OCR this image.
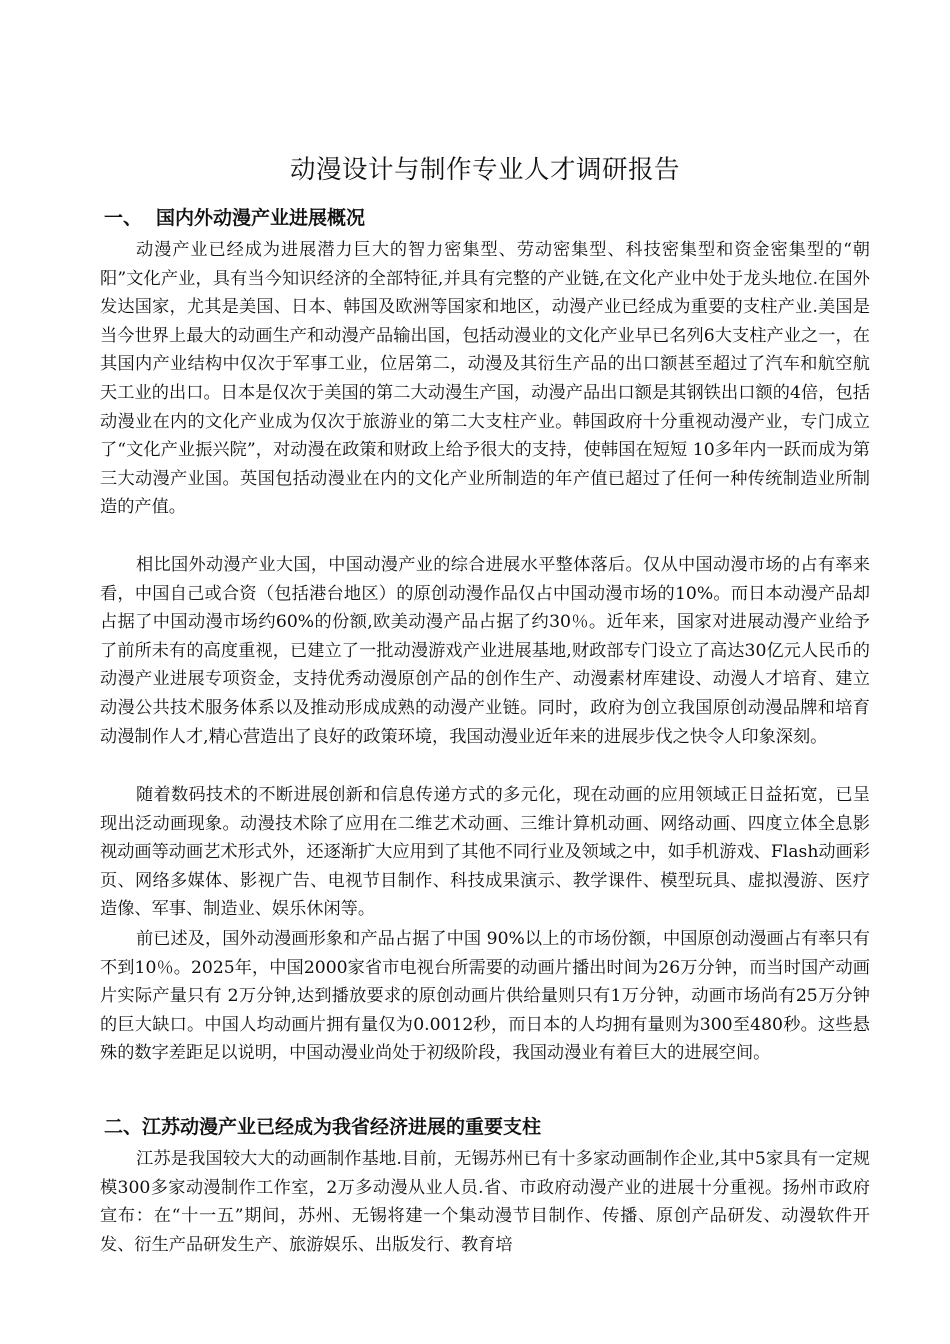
动漫设计与制作专业人才调研报告
一、 国内外动漫产业进展概况

动漫产业已经成为进展潜力巨大的智力密集型、劳动密集型、科技密集型和资金密集型的“朝阳”文化产业，具有当今知识经济的全部特征,并具有完整的产业链,在文化产业中处于龙头地位.在国外发达国家，尤其是美国、日本、韩国及欧洲等国家和地区，动漫产业已经成为重要的支柱产业.美国是当今世界上最大的动画生产和动漫产品输出国，包括动漫业的文化产业早已名列6大支柱产业之一，在其国内产业结构中仅次于军事工业，位居第二，动漫及其衍生产品的出口额甚至超过了汽车和航空航天工业的出口。日本是仅次于美国的第二大动漫生产国，动漫产品出口额是其钢铁出口额的4倍，包括动漫业在内的文化产业成为仅次于旅游业的第二大支柱产业。韩国政府十分重视动漫产业，专门成立了“文化产业振兴院”，对动漫在政策和财政上给予很大的支持，使韩国在短短 10多年内一跃而成为第三大动漫产业国。英国包括动漫业在内的文化产业所制造的年产值已超过了任何一种传统制造业所制造的产值。

相比国外动漫产业大国，中国动漫产业的综合进展水平整体落后。仅从中国动漫市场的占有率来看，中国自己或合资（包括港台地区）的原创动漫作品仅占中国动漫市场的10%。而日本动漫产品却占据了中国动漫市场约60%的份额,欧美动漫产品占据了约30％。近年来，国家对进展动漫产业给予了前所未有的高度重视，已建立了一批动漫游戏产业进展基地,财政部专门设立了高达30亿元人民币的动漫产业进展专项资金，支持优秀动漫原创产品的创作生产、动漫素材库建设、动漫人才培育、建立动漫公共技术服务体系以及推动形成成熟的动漫产业链。同时，政府为创立我国原创动漫品牌和培育动漫制作人才,精心营造出了良好的政策环境，我国动漫业近年来的进展步伐之快令人印象深刻。

随着数码技术的不断进展创新和信息传递方式的多元化，现在动画的应用领域正日益拓宽，已呈现出泛动画现象。动漫技术除了应用在二维艺术动画、三维计算机动画、网络动画、四度立体全息影视动画等动画艺术形式外，还逐渐扩大应用到了其他不同行业及领域之中，如手机游戏、Flash动画彩页、网络多媒体、影视广告、电视节目制作、科技成果演示、教学课件、模型玩具、虚拟漫游、医疗造像、军事、制造业、娱乐休闲等。

前已述及，国外动漫画形象和产品占据了中国 90%以上的市场份额，中国原创动漫画占有率只有不到10％。2025年，中国2000家省市电视台所需要的动画片播出时间为26万分钟，而当时国产动画片实际产量只有 2万分钟,达到播放要求的原创动画片供给量则只有1万分钟，动画市场尚有25万分钟的巨大缺口。中国人均动画片拥有量仅为0.0012秒，而日本的人均拥有量则为300至480秒。这些悬殊的数字差距足以说明，中国动漫业尚处于初级阶段，我国动漫业有着巨大的进展空间。

二、江苏动漫产业已经成为我省经济进展的重要支柱

江苏是我国较大大的动画制作基地.目前，无锡苏州已有十多家动画制作企业,其中5家具有一定规模300多家动漫制作工作室，2万多动漫从业人员.省、市政府动漫产业的进展十分重视。扬州市政府宣布：在“十一五”期间，苏州、无锡将建一个集动漫节目制作、传播、原创产品研发、动漫软件开发、衍生产品研发生产、旅游娱乐、出版发行、教育培
